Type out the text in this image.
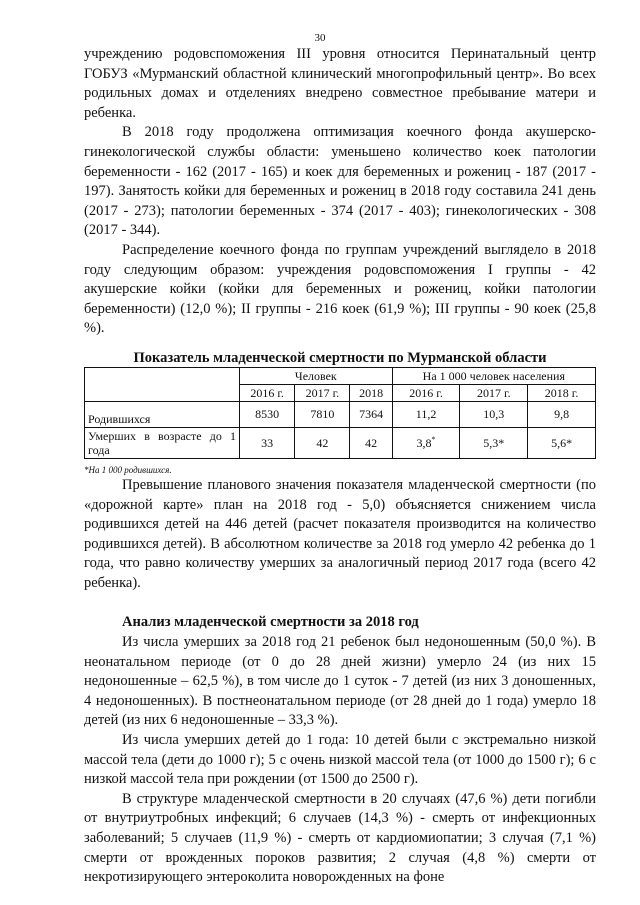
30

учреждению родовспоможения III уровня относится Перинатальный центр ГОБУЗ «Мурманский областной клинический многопрофильный центр». Во всех родильных домах и отделениях внедрено совместное пребывание матери и ребенка.

В 2018 году продолжена оптимизация коечного фонда акушерско-гинекологической службы области: уменьшено количество коек патологии беременности - 162 (2017 - 165) и коек для беременных и рожениц - 187 (2017 - 197). Занятость койки для беременных и рожениц в 2018 году составила 241 день (2017 - 273); патологии беременных - 374 (2017 - 403); гинекологических - 308 (2017 - 344).

Распределение коечного фонда по группам учреждений выглядело в 2018 году следующим образом: учреждения родовспоможения I группы - 42 акушерские койки (койки для беременных и рожениц, койки патологии беременности) (12,0 %); II группы - 216 коек (61,9 %); III группы - 90 коек (25,8 %).

Показатель младенческой смертности по Мурманской области
	Человек			На 1 000 человек населения		
	2016 г.	2017 г.	2018	2016 г.	2017 г.	2018 г.
Родившихся	8530	7810	7364	11,2	10,3	9,8
Умерших в возрасте до 1 года	33	42	42	3,8*	5,3*	5,6*
*На 1 000 родившихся.

Превышение планового значения показателя младенческой смертности (по «дорожной карте» план на 2018 год - 5,0) объясняется снижением числа родившихся детей на 446 детей (расчет показателя производится на количество родившихся детей). В абсолютном количестве за 2018 год умерло 42 ребенка до 1 года, что равно количеству умерших за аналогичный период 2017 года (всего 42 ребенка).

Анализ младенческой смертности за 2018 год

Из числа умерших за 2018 год 21 ребенок был недоношенным (50,0 %). В неонатальном периоде (от 0 до 28 дней жизни) умерло 24 (из них 15 недоношенные – 62,5 %), в том числе до 1 суток - 7 детей (из них 3 доношенных, 4 недоношенных). В постнеонатальном периоде (от 28 дней до 1 года) умерло 18 детей (из них 6 недоношенные – 33,3 %).

Из числа умерших детей до 1 года: 10 детей были с экстремально низкой массой тела (дети до 1000 г); 5 с очень низкой массой тела (от 1000 до 1500 г); 6 с низкой массой тела при рождении (от 1500 до 2500 г).

В структуре младенческой смертности в 20 случаях (47,6 %) дети погибли от внутриутробных инфекций; 6 случаев (14,3 %) - смерть от инфекционных заболеваний; 5 случаев (11,9 %) - смерть от кардиомиопатии; 3 случая (7,1 %) смерти от врожденных пороков развития; 2 случая (4,8 %) смерти от некротизирующего энтероколита новорожденных на фоне
